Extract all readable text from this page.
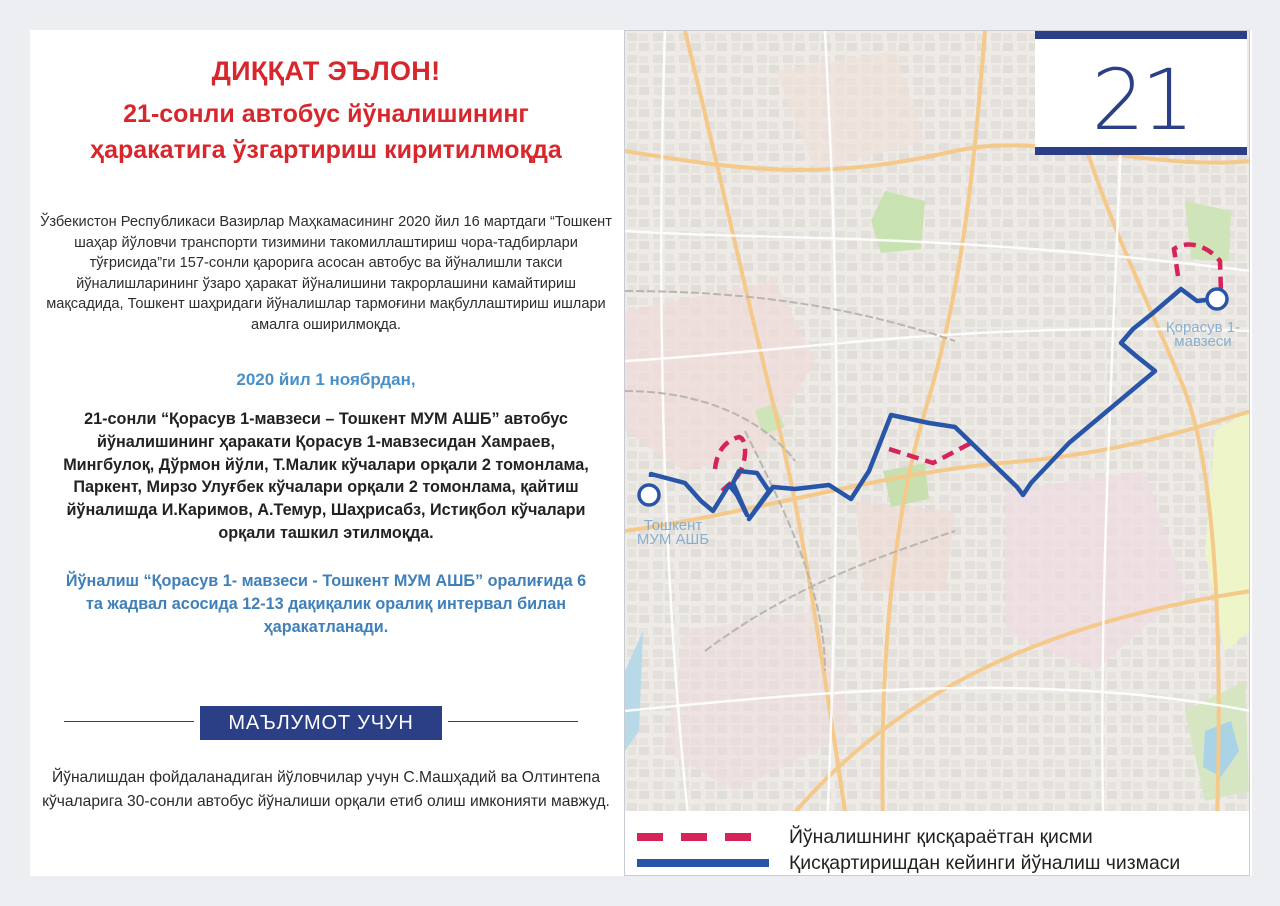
ДИҚҚАТ ЭЪЛОН!
21-сонли автобус йўналишининг ҳаракатига ўзгартириш киритилмоқда
Ўзбекистон Республикаси Вазирлар Маҳкамасининг 2020 йил 16 мартдаги “Тошкент шаҳар йўловчи транспорти тизимини такомиллаштириш чора-тадбирлари тўғрисида”ги 157-сонли қарорига асосан автобус ва йўналишли такси йўналишларининг ўзаро ҳаракат йўналишини такрорлашини камайтириш мақсадида, Тошкент шаҳридаги йўналишлар тармоғини мақбуллаштириш ишлари амалга оширилмоқда.
2020 йил 1 ноябрдан,
21-сонли “Қорасув 1-мавзеси – Тошкент МУМ АШБ” автобус йўналишининг ҳаракати Қорасув 1-мавзесидан Хамраев, Мингбулоқ, Дўрмон йўли, Т.Малик кўчалари орқали 2 томонлама, Паркент, Мирзо Улуғбек кўчалари орқали 2 томонлама, қайтиш йўналишда И.Каримов, А.Темур, Шаҳрисабз, Истиқбол кўчалари орқали ташкил этилмоқда.
Йўналиш “Қорасув 1- мавзеси - Тошкент МУМ АШБ” оралиғида 6 та жадвал асосида 12-13 дақиқалик оралиқ интервал билан ҳаракатланади.
МАЪЛУМОТ УЧУН
Йўналишдан фойдаланадиган йўловчилар учун С.Машҳадий ва Олтинтепа кўчаларига 30-сонли автобус йўналиши орқали етиб олиш имконияти мавжуд.
21
Қорасув 1-мавзеси
Тошкент МУМ АШБ
Йўналишнинг қисқараётган қисми
Қисқартиришдан кейинги йўналиш чизмаси
